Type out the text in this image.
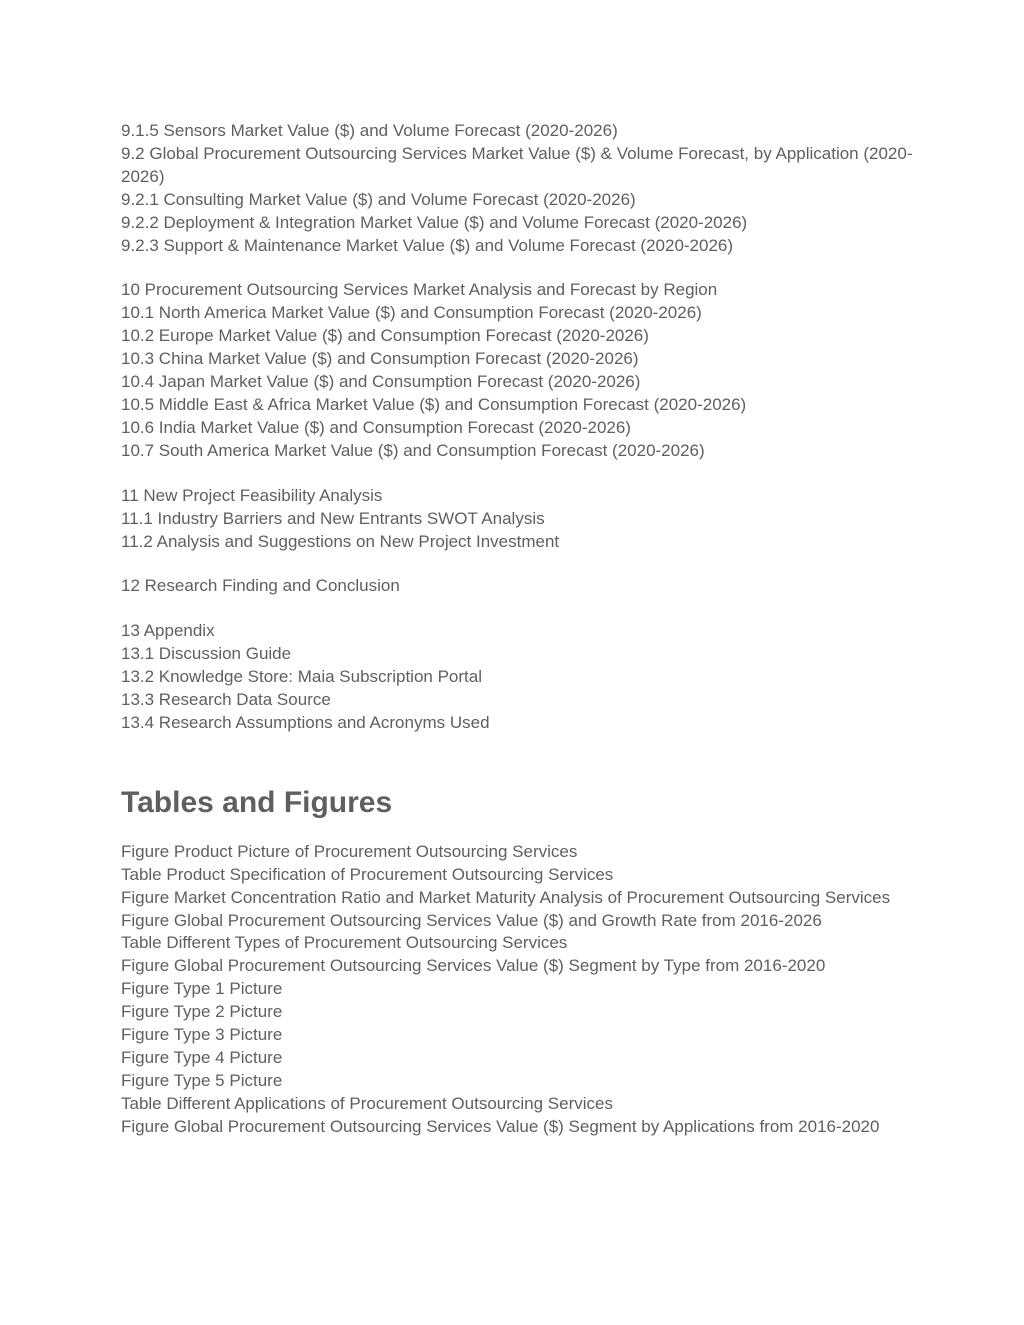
9.1.5 Sensors Market Value ($) and Volume Forecast (2020-2026)
9.2 Global Procurement Outsourcing Services Market Value ($) & Volume Forecast, by Application (2020-2026)
9.2.1 Consulting Market Value ($) and Volume Forecast (2020-2026)
9.2.2 Deployment & Integration Market Value ($) and Volume Forecast (2020-2026)
9.2.3 Support & Maintenance Market Value ($) and Volume Forecast (2020-2026)
10 Procurement Outsourcing Services Market Analysis and Forecast by Region
10.1 North America Market Value ($) and Consumption Forecast (2020-2026)
10.2 Europe Market Value ($) and Consumption Forecast (2020-2026)
10.3 China Market Value ($) and Consumption Forecast (2020-2026)
10.4 Japan Market Value ($) and Consumption Forecast (2020-2026)
10.5 Middle East & Africa Market Value ($) and Consumption Forecast (2020-2026)
10.6 India Market Value ($) and Consumption Forecast (2020-2026)
10.7 South America Market Value ($) and Consumption Forecast (2020-2026)
11 New Project Feasibility Analysis
11.1 Industry Barriers and New Entrants SWOT Analysis
11.2 Analysis and Suggestions on New Project Investment
12 Research Finding and Conclusion
13 Appendix
13.1 Discussion Guide
13.2 Knowledge Store: Maia Subscription Portal
13.3 Research Data Source
13.4 Research Assumptions and Acronyms Used
Tables and Figures
Figure Product Picture of Procurement Outsourcing Services
Table Product Specification of Procurement Outsourcing Services
Figure Market Concentration Ratio and Market Maturity Analysis of Procurement Outsourcing Services
Figure Global Procurement Outsourcing Services Value ($) and Growth Rate from 2016-2026
Table Different Types of Procurement Outsourcing Services
Figure Global Procurement Outsourcing Services Value ($) Segment by Type from 2016-2020
Figure Type 1 Picture
Figure Type 2 Picture
Figure Type 3 Picture
Figure Type 4 Picture
Figure Type 5 Picture
Table Different Applications of Procurement Outsourcing Services
Figure Global Procurement Outsourcing Services Value ($) Segment by Applications from 2016-2020
